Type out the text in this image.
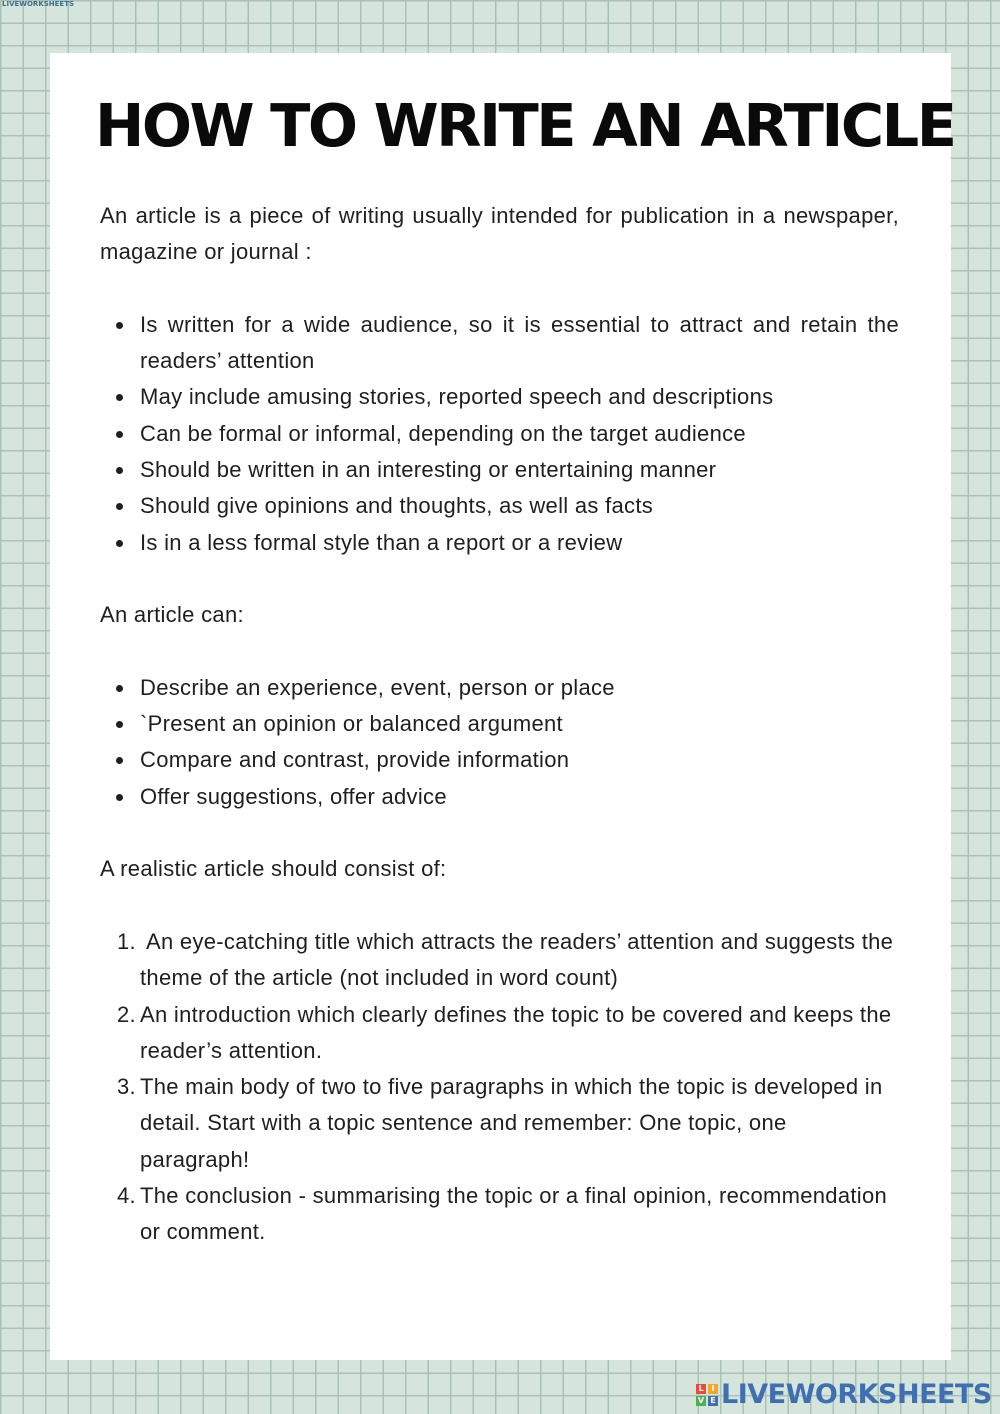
LIVEWORKSHEETS
HOW TO WRITE AN ARTICLE

An article is a piece of writing usually intended for publication in a newspaper, magazine or journal :

Is written for a wide audience, so it is essential to attract and retain the readers’ attention
May include amusing stories, reported speech and descriptions
Can be formal or informal, depending on the target audience
Should be written in an interesting or entertaining manner
Should give opinions and thoughts, as well as facts
Is in a less formal style than a report or a review

An article can:

Describe an experience, event, person or place
`Present an opinion or balanced argument
Compare and contrast, provide information
Offer suggestions, offer advice

A realistic article should consist of:

1. An eye-catching title which attracts the readers’ attention and suggests the theme of the article (not included in word count)
2. An introduction which clearly defines the topic to be covered and keeps the reader’s attention.
3. The main body of two to five paragraphs in which the topic is developed in detail. Start with a topic sentence and remember: One topic, one paragraph!
4. The conclusion - summarising the topic or a final opinion, recommendation or comment.
L I
V E LIVEWORKSHEETS
